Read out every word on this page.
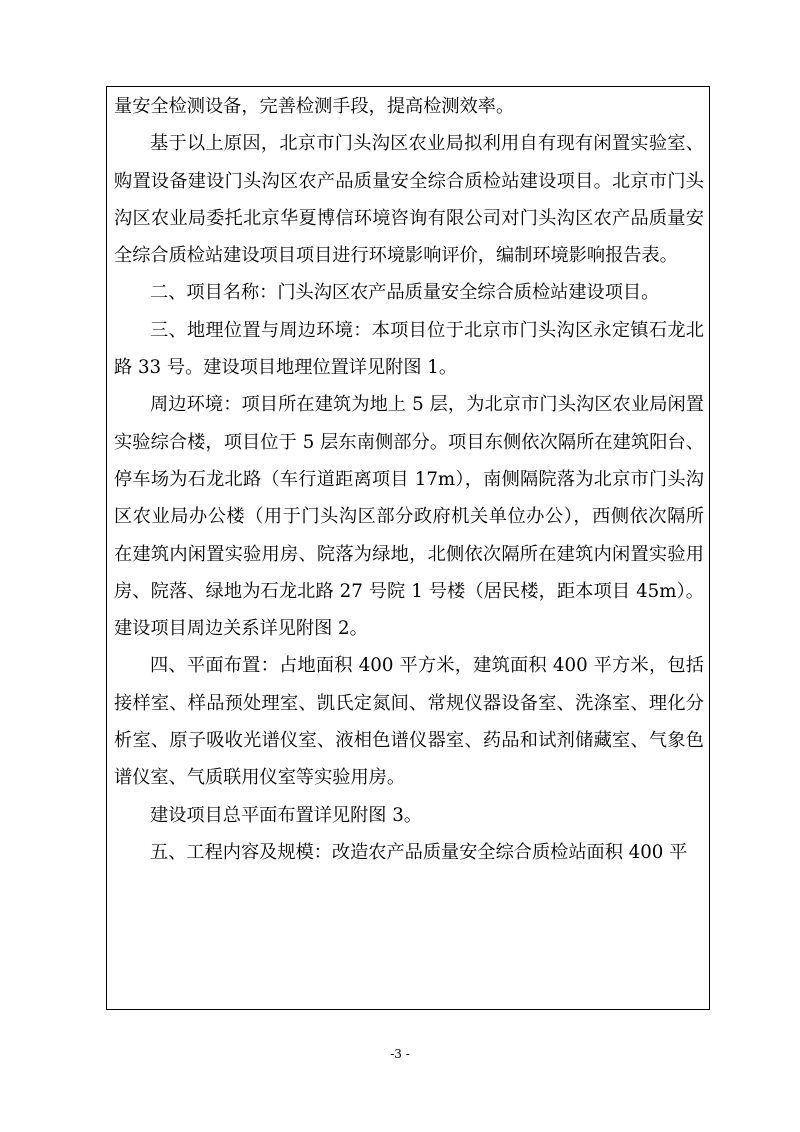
量安全检测设备，完善检测手段，提高检测效率。

基于以上原因，北京市门头沟区农业局拟利用自有现有闲置实验室、购置设备建设门头沟区农产品质量安全综合质检站建设项目。北京市门头沟区农业局委托北京华夏博信环境咨询有限公司对门头沟区农产品质量安全综合质检站建设项目项目进行环境影响评价，编制环境影响报告表。

二、项目名称：门头沟区农产品质量安全综合质检站建设项目。

三、地理位置与周边环境：本项目位于北京市门头沟区永定镇石龙北路 33 号。建设项目地理位置详见附图 1。

周边环境：项目所在建筑为地上 5 层，为北京市门头沟区农业局闲置实验综合楼，项目位于 5 层东南侧部分。项目东侧依次隔所在建筑阳台、停车场为石龙北路（车行道距离项目 17m），南侧隔院落为北京市门头沟区农业局办公楼（用于门头沟区部分政府机关单位办公），西侧依次隔所在建筑内闲置实验用房、院落为绿地，北侧依次隔所在建筑内闲置实验用房、院落、绿地为石龙北路 27 号院 1 号楼（居民楼，距本项目 45m）。建设项目周边关系详见附图 2。

四、平面布置：占地面积 400 平方米，建筑面积 400 平方米，包括接样室、样品预处理室、凯氏定氮间、常规仪器设备室、洗涤室、理化分析室、原子吸收光谱仪室、液相色谱仪器室、药品和试剂储藏室、气象色谱仪室、气质联用仪室等实验用房。

建设项目总平面布置详见附图 3。

五、工程内容及规模：改造农产品质量安全综合质检站面积 400 平

-3 -
